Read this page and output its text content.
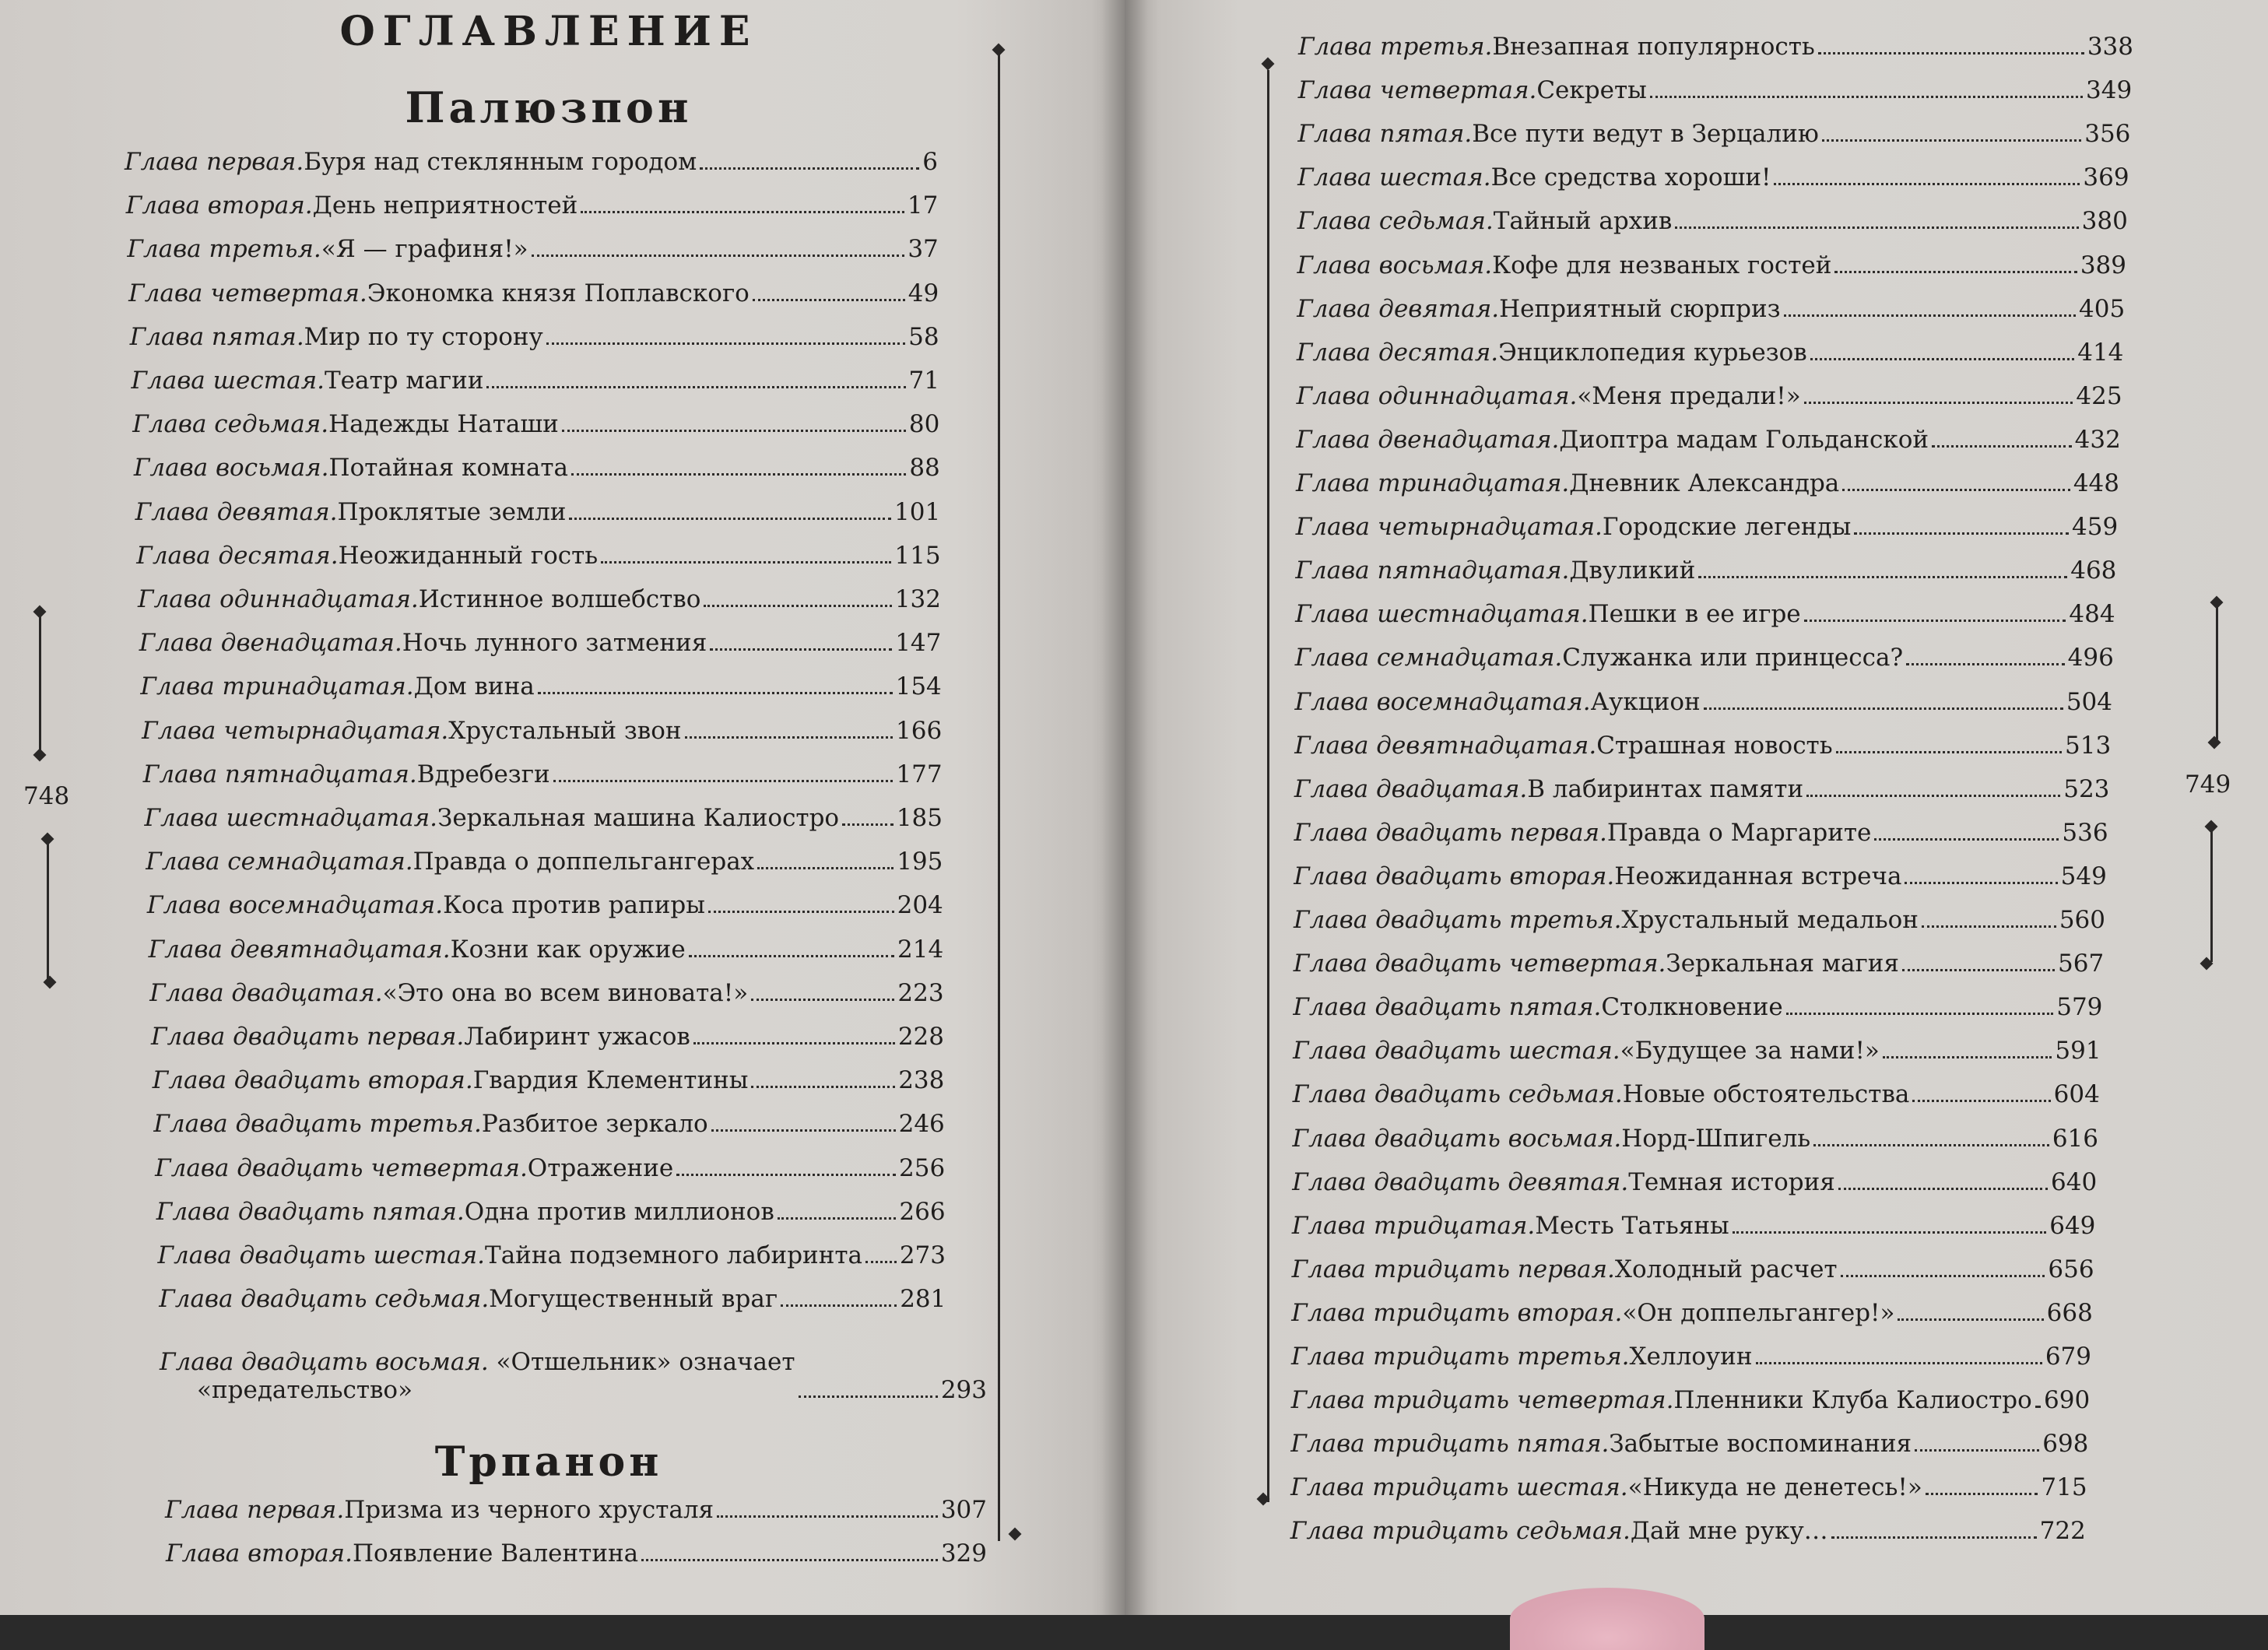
ОГЛАВЛЕНИЕ
Палюзпон
Глава первая. Буря над стеклянным городом	6
Глава вторая. День неприятностей	17
Глава третья. «Я — графиня!»	37
Глава четвертая. Экономка князя Поплавского	49
Глава пятая. Мир по ту сторону	58
Глава шестая. Театр магии	71
Глава седьмая. Надежды Наташи	80
Глава восьмая. Потайная комната	88
Глава девятая. Проклятые земли	101
Глава десятая. Неожиданный гость	115
Глава одиннадцатая. Истинное волшебство	132
Глава двенадцатая. Ночь лунного затмения	147
Глава тринадцатая. Дом вина	154
Глава четырнадцатая. Хрустальный звон	166
Глава пятнадцатая. Вдребезги	177
Глава шестнадцатая. Зеркальная машина Калиостро 185
Глава семнадцатая. Правда о доппельгангерах	195
Глава восемнадцатая. Коса против рапиры	204
Глава девятнадцатая. Козни как оружие	214
Глава двадцатая. «Это она во всем виновата!»	223
Глава двадцать первая. Лабиринт ужасов	228
Глава двадцать вторая. Гвардия Клементины	238
Глава двадцать третья. Разбитое зеркало	246
Глава двадцать четвертая. Отражение	256
Глава двадцать пятая. Одна против миллионов	266
Глава двадцать шестая. Тайна подземного лабиринта 273
Глава двадцать седьмая. Могущественный враг	281
Глава двадцать восьмая. «Отшельник» означает
«предательство»	293
Трпанон
Глава первая. Призма из черного хрусталя	307
Глава вторая. Появление Валентина	329
748
Глава третья. Внезапная популярность	338
Глава четвертая. Секреты	349
Глава пятая. Все пути ведут в Зерцалию	356
Глава шестая. Все средства хороши!	369
Глава седьмая. Тайный архив	380
Глава восьмая. Кофе для незваных гостей	389
Глава девятая. Неприятный сюрприз	405
Глава десятая. Энциклопедия курьезов	414
Глава одиннадцатая. «Меня предали!»	425
Глава двенадцатая. Диоптра мадам Гольданской	432
Глава тринадцатая. Дневник Александра	448
Глава четырнадцатая. Городские легенды	459
Глава пятнадцатая. Двуликий	468
Глава шестнадцатая. Пешки в ее игре	484
Глава семнадцатая. Служанка или принцесса?	496
Глава восемнадцатая. Аукцион	504
Глава девятнадцатая. Страшная новость	513
Глава двадцатая. В лабиринтах памяти	523
Глава двадцать первая. Правда о Маргарите	536
Глава двадцать вторая. Неожиданная встреча	549
Глава двадцать третья. Хрустальный медальон	560
Глава двадцать четвертая. Зеркальная магия	567
Глава двадцать пятая. Столкновение	579
Глава двадцать шестая. «Будущее за нами!»	591
Глава двадцать седьмая. Новые обстоятельства	604
Глава двадцать восьмая. Норд-Шпигель	616
Глава двадцать девятая. Темная история	640
Глава тридцатая. Месть Татьяны	649
Глава тридцать первая. Холодный расчет	656
Глава тридцать вторая. «Он доппельгангер!»	668
Глава тридцать третья. Хеллоуин	679
Глава тридцать четвертая. Пленники Клуба Калиостро 690
Глава тридцать пятая. Забытые воспоминания	698
Глава тридцать шестая. «Никуда не денетесь!»	715
Глава тридцать седьмая. Дай мне руку…	722
749
